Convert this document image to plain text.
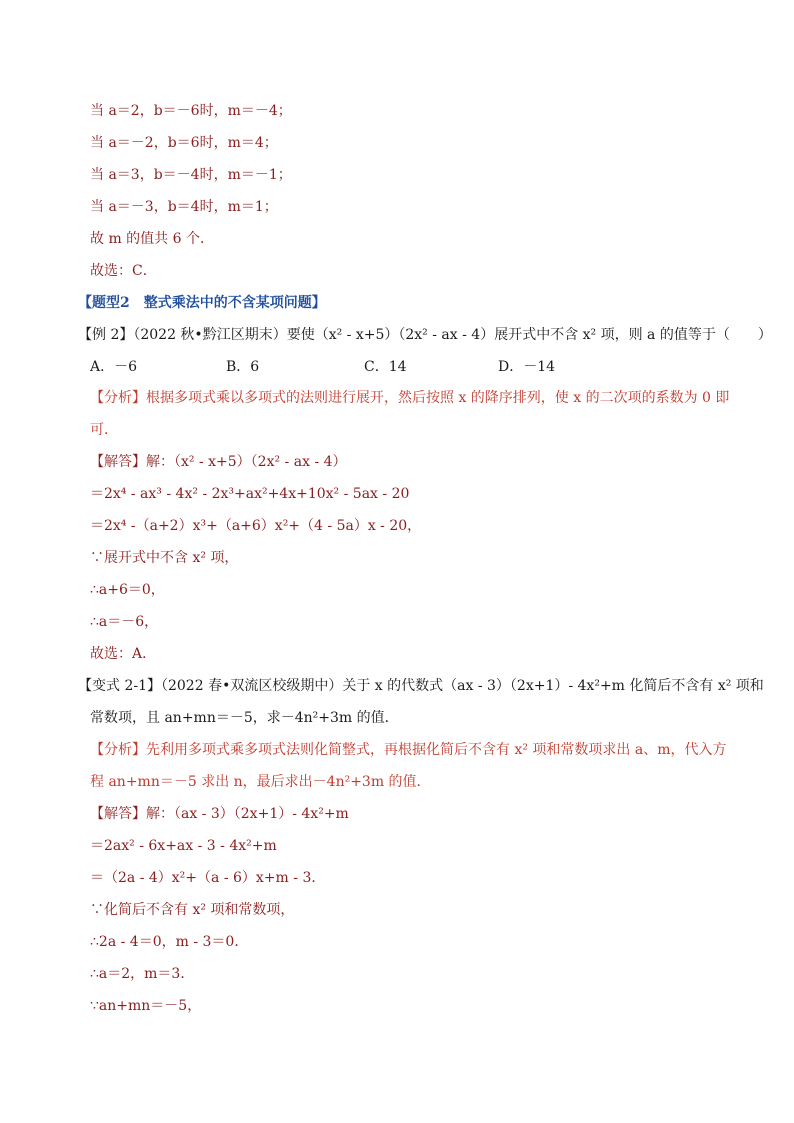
当 a＝2，b＝－6时，m＝－4；
当 a＝－2，b＝6时，m＝4；
当 a＝3，b＝－4时，m＝－1；
当 a＝－3，b＝4时，m＝1；
故 m 的值共 6 个．
故选：C．
【题型2　整式乘法中的不含某项问题】
【例 2】（2022 秋•黔江区期末）要使（x² - x+5）（2x² - ax - 4）展开式中不含 x² 项，则 a 的值等于（　　）
A．－6	B．6	C．14	D．－14
【分析】根据多项式乘以多项式的法则进行展开，然后按照 x 的降序排列，使 x 的二次项的系数为 0 即
可．
【解答】解：（x² - x+5）（2x² - ax - 4）
＝2x⁴ - ax³ - 4x² - 2x³+ax²+4x+10x² - 5ax - 20
＝2x⁴ -（a+2）x³+（a+6）x²+（4 - 5a）x - 20，
∵展开式中不含 x² 项，
∴a+6＝0，
∴a＝－6，
故选：A．
【变式 2-1】（2022 春•双流区校级期中）关于 x 的代数式（ax - 3）（2x+1）- 4x²+m 化简后不含有 x² 项和
常数项，且 an+mn＝－5，求－4n²+3m 的值．
【分析】先利用多项式乘多项式法则化简整式，再根据化简后不含有 x² 项和常数项求出 a、m，代入方
程 an+mn＝－5 求出 n，最后求出－4n²+3m 的值．
【解答】解：（ax - 3）（2x+1）- 4x²+m
＝2ax² - 6x+ax - 3 - 4x²+m
＝（2a - 4）x²+（a - 6）x+m - 3．
∵化简后不含有 x² 项和常数项，
∴2a - 4＝0，m - 3＝0．
∴a＝2，m＝3．
∵an+mn＝－5，
